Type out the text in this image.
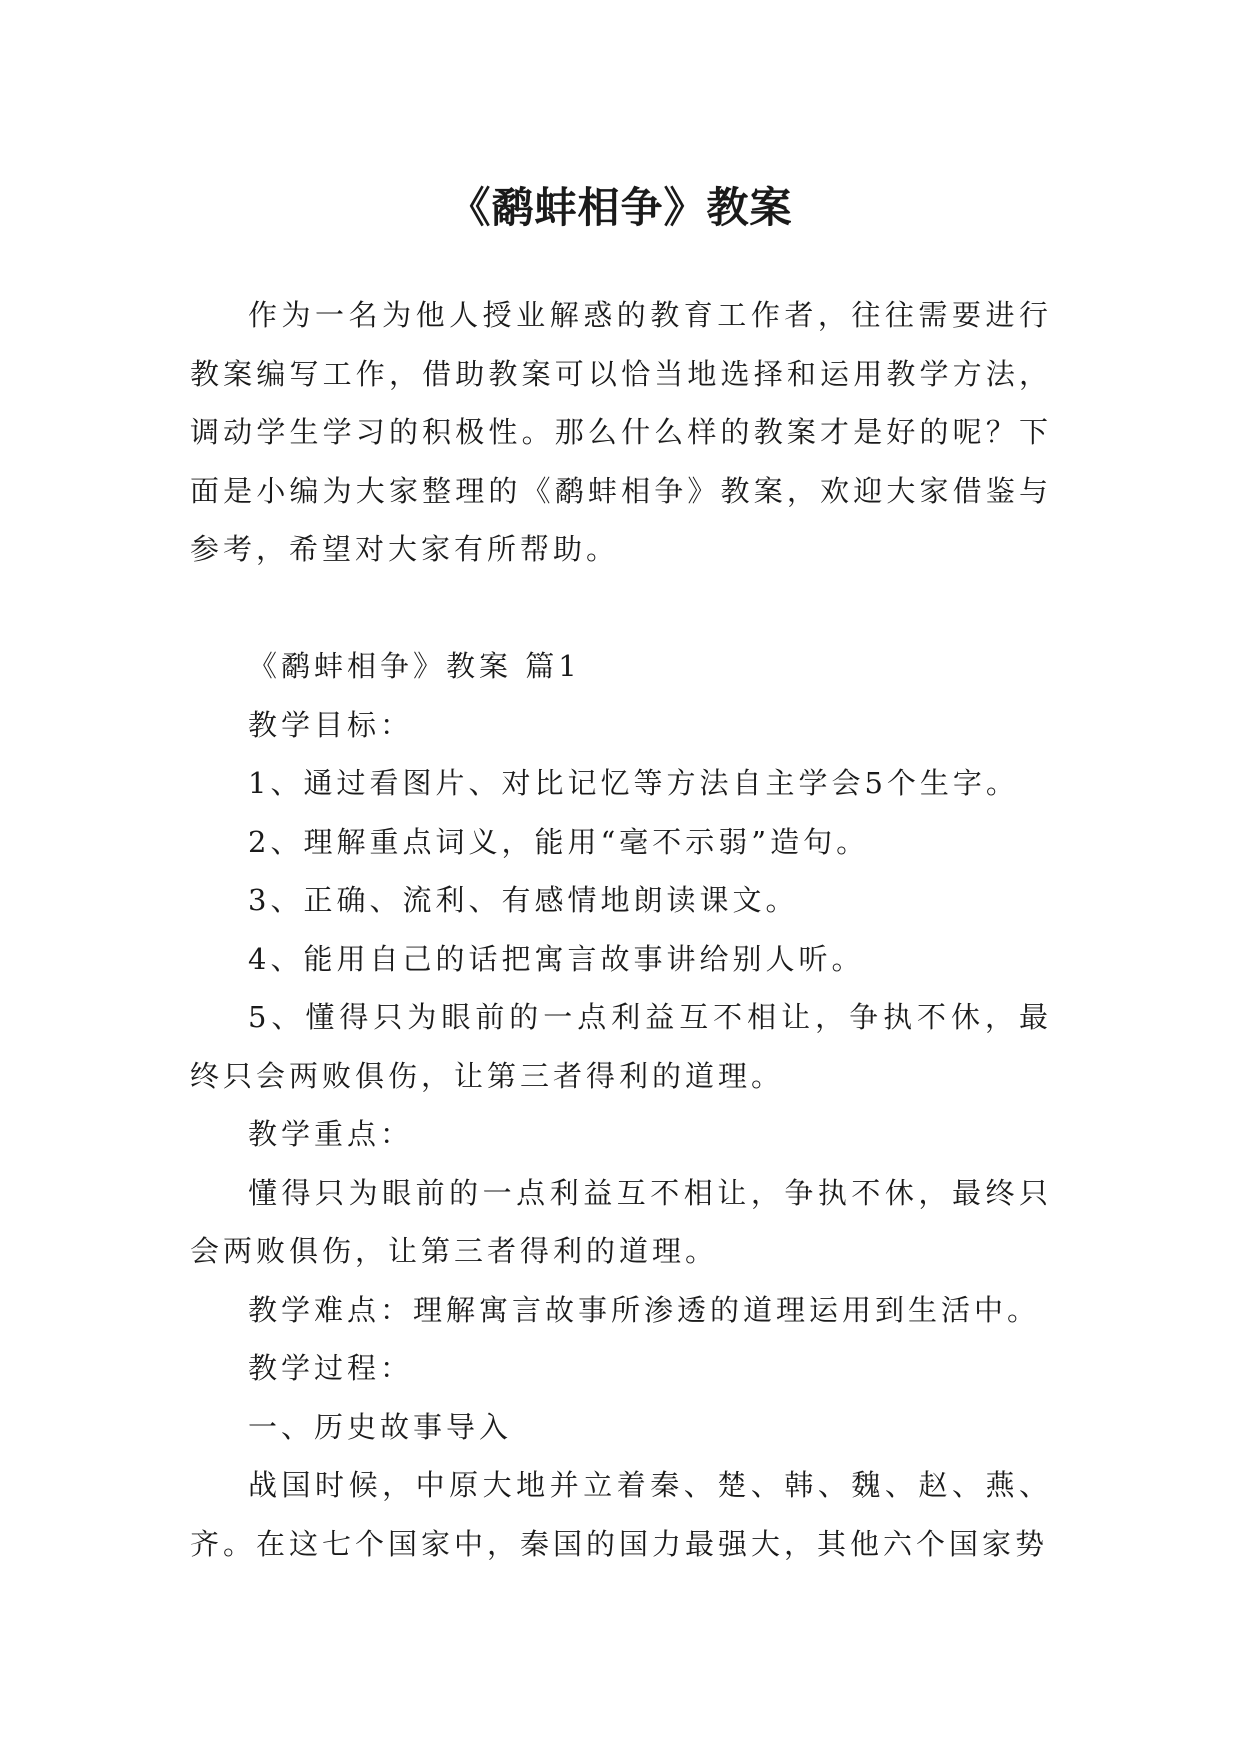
《鹬蚌相争》教案

作为一名为他人授业解惑的教育工作者，往往需要进行教案编写工作，借助教案可以恰当地选择和运用教学方法，调动学生学习的积极性。那么什么样的教案才是好的呢？下面是小编为大家整理的《鹬蚌相争》教案，欢迎大家借鉴与参考，希望对大家有所帮助。

《鹬蚌相争》教案 篇1

教学目标：

1、通过看图片、对比记忆等方法自主学会5个生字。

2、理解重点词义，能用“毫不示弱”造句。

3、正确、流利、有感情地朗读课文。

4、能用自己的话把寓言故事讲给别人听。

5、懂得只为眼前的一点利益互不相让，争执不休，最终只会两败俱伤，让第三者得利的道理。

教学重点：

懂得只为眼前的一点利益互不相让，争执不休，最终只会两败俱伤，让第三者得利的道理。

教学难点：理解寓言故事所渗透的道理运用到生活中。

教学过程：

一、历史故事导入

战国时候，中原大地并立着秦、楚、韩、魏、赵、燕、齐。在这七个国家中，秦国的国力最强大，其他六个国家势
